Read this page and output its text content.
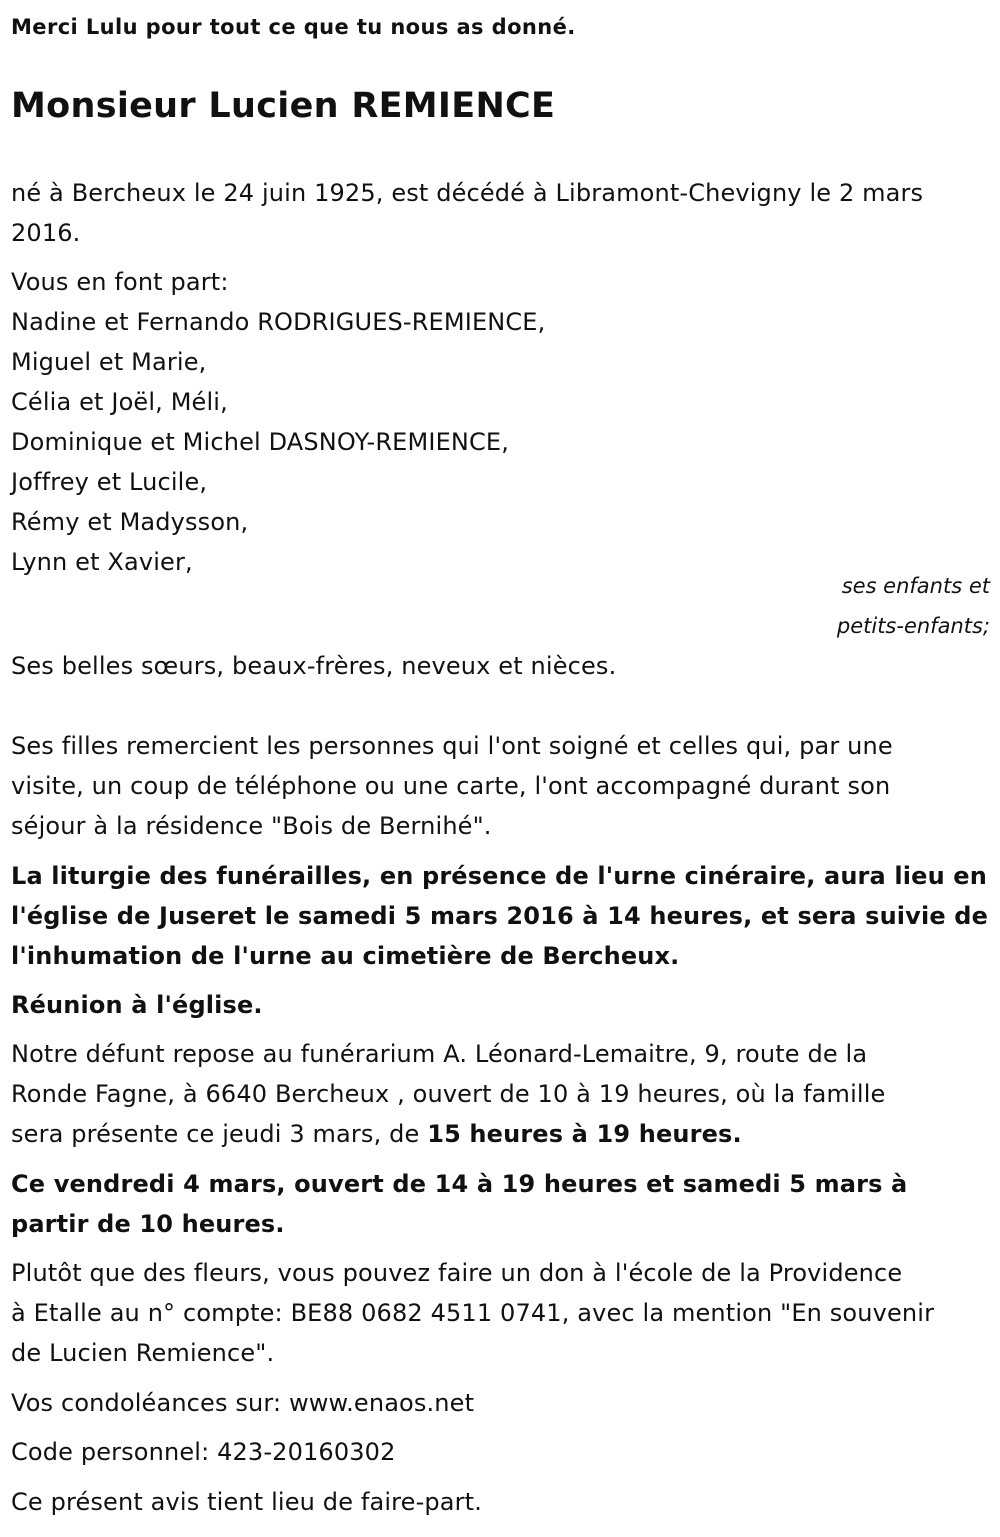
Merci Lulu pour tout ce que tu nous as donné.
Monsieur Lucien REMIENCE
né à Bercheux le 24 juin 1925, est décédé à Libramont-Chevigny le 2 mars
2016.
Vous en font part:
Nadine et Fernando RODRIGUES-REMIENCE,
Miguel et Marie,
Célia et Joël, Méli,
Dominique et Michel DASNOY-REMIENCE,
Joffrey et Lucile,
Rémy et Madysson,
Lynn et Xavier,
ses enfants et
petits-enfants;
Ses belles sœurs, beaux-frères, neveux et nièces.
Ses filles remercient les personnes qui l'ont soigné et celles qui, par une
visite, un coup de téléphone ou une carte, l'ont accompagné durant son
séjour à la résidence "Bois de Bernihé".
La liturgie des funérailles, en présence de l'urne cinéraire, aura lieu en
l'église de Juseret le samedi 5 mars 2016 à 14 heures, et sera suivie de
l'inhumation de l'urne au cimetière de Bercheux.
Réunion à l'église.
Notre défunt repose au funérarium A. Léonard-Lemaitre, 9, route de la
Ronde Fagne, à 6640 Bercheux , ouvert de 10 à 19 heures, où la famille
sera présente ce jeudi 3 mars, de 15 heures à 19 heures.
Ce vendredi 4 mars, ouvert de 14 à 19 heures et samedi 5 mars à
partir de 10 heures.
Plutôt que des fleurs, vous pouvez faire un don à l'école de la Providence
à Etalle au n° compte: BE88 0682 4511 0741, avec la mention "En souvenir
de Lucien Remience".
Vos condoléances sur: www.enaos.net
Code personnel: 423-20160302
Ce présent avis tient lieu de faire-part.
